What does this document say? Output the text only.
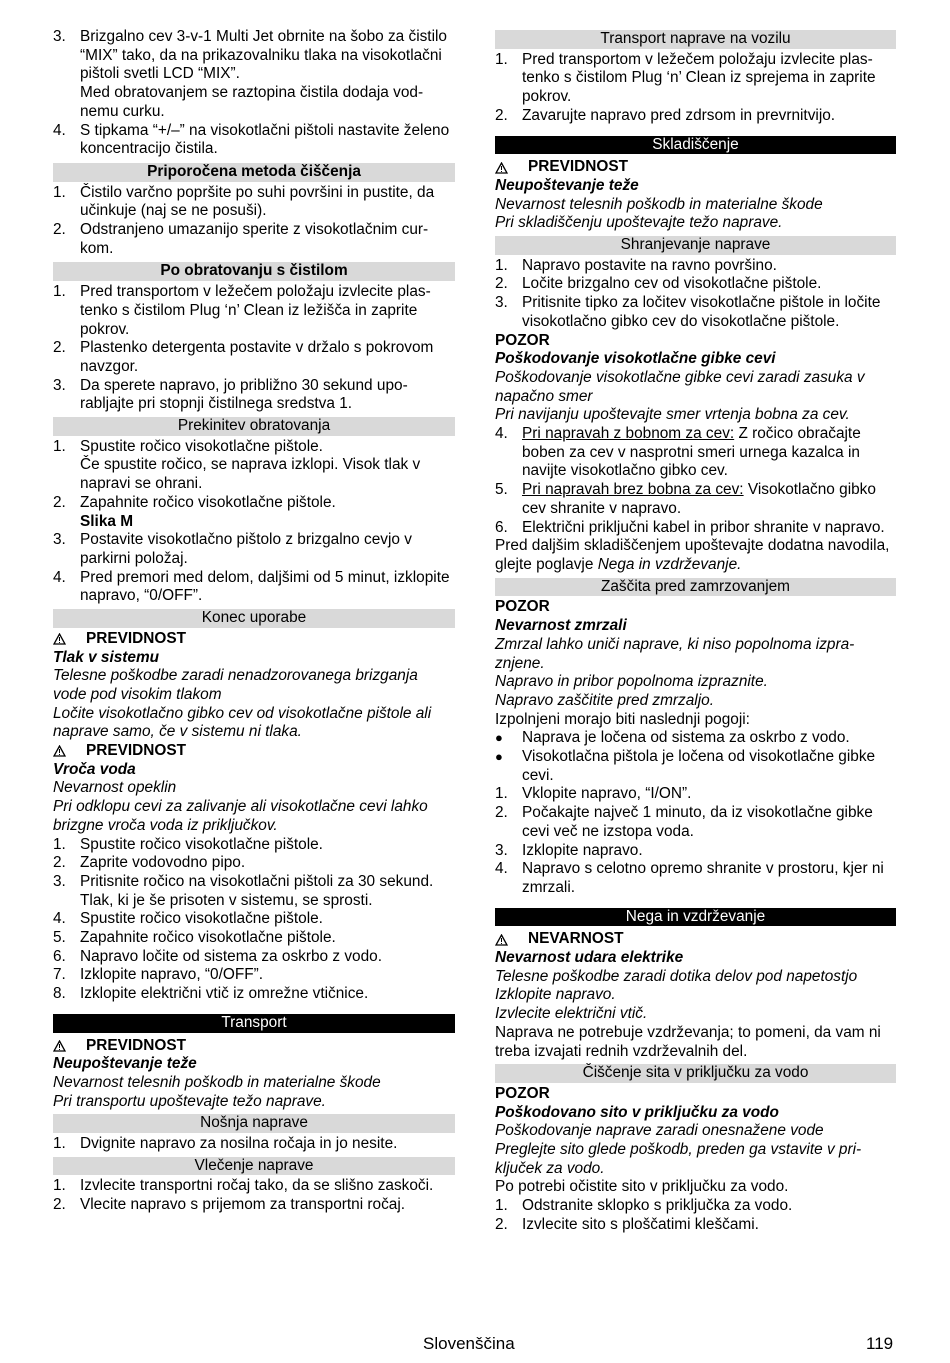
3. Brizgalno cev 3-v-1 Multi Jet obrnite na šobo za čistilo “MIX” tako, da na prikazovalniku tlaka na visokotlačni pištoli svetli LCD “MIX”.

Med obratovanjem se raztopina čistila dodaja vodnemu curku.

4. S tipkama “+/–” na visokotlačni pištoli nastavite želeno koncentracijo čistila.
Priporočena metoda čiščenja
1. Čistilo varčno popršite po suhi površini in pustite, da učinkuje (naj se ne posuši).
2. Odstranjeno umazanijo sperite z visokotlačnim curkom.
Po obratovanju s čistilom
1. Pred transportom v ležečem položaju izvlecite plastenko s čistilom Plug ‘n’ Clean iz ležišča in zaprite pokrov.
2. Plastenko detergenta postavite v držalo s pokrovom navzgor.
3. Da sperete napravo, jo približno 30 sekund uporabljajte pri stopnji čistilnega sredstva 1.
Prekinitev obratovanja
1. Spustite ročico visokotlačne pištole.

Če spustite ročico, se naprava izklopi. Visok tlak v napravi se ohrani.

2. Zapahnite ročico visokotlačne pištole.

Slika M

3. Postavite visokotlačno pištolo z brizgalno cevjo v parkirni položaj.
4. Pred premori med delom, daljšimi od 5 minut, izklopite napravo, “0/OFF”.
Konec uporabe
PREVIDNOST

Tlak v sistemu

Telesne poškodbe zaradi nenadzorovanega brizganja vode pod visokim tlakom

Ločite visokotlačno gibko cev od visokotlačne pištole ali naprave samo, če v sistemu ni tlaka.

PREVIDNOST

Vroča voda

Nevarnost opeklin

Pri odklopu cevi za zalivanje ali visokotlačne cevi lahko brizgne vroča voda iz priključkov.

1. Spustite ročico visokotlačne pištole.
2. Zaprite vodovodno pipo.
3. Pritisnite ročico na visokotlačni pištoli za 30 sekund.

Tlak, ki je še prisoten v sistemu, se sprosti.

4. Spustite ročico visokotlačne pištole.
5. Zapahnite ročico visokotlačne pištole.
6. Napravo ločite od sistema za oskrbo z vodo.
7. Izklopite napravo, “0/OFF”.
8. Izklopite električni vtič iz omrežne vtičnice.
Transport
PREVIDNOST

Neupoštevanje teže

Nevarnost telesnih poškodb in materialne škode

Pri transportu upoštevajte težo naprave.

Nošnja naprave
1. Dvignite napravo za nosilna ročaja in jo nesite.
Vlečenje naprave
1. Izvlecite transportni ročaj tako, da se slišno zaskoči.
2. Vlecite napravo s prijemom za transportni ročaj.
Transport naprave na vozilu
1. Pred transportom v ležečem položaju izvlecite plastenko s čistilom Plug ‘n’ Clean iz sprejema in zaprite pokrov.
2. Zavarujte napravo pred zdrsom in prevrnitvijo.
Skladiščenje
PREVIDNOST

Neupoštevanje teže

Nevarnost telesnih poškodb in materialne škode

Pri skladiščenju upoštevajte težo naprave.

Shranjevanje naprave
1. Napravo postavite na ravno površino.
2. Ločite brizgalno cev od visokotlačne pištole.
3. Pritisnite tipko za ločitev visokotlačne pištole in ločite visokotlačno gibko cev do visokotlačne pištole.

POZOR

Poškodovanje visokotlačne gibke cevi

Poškodovanje visokotlačne gibke cevi zaradi zasuka v napačno smer

Pri navijanju upoštevajte smer vrtenja bobna za cev.

4. Pri napravah z bobnom za cev: Z ročico obračajte boben za cev v nasprotni smeri urnega kazalca in navijte visokotlačno gibko cev.
5. Pri napravah brez bobna za cev: Visokotlačno gibko cev shranite v napravo.
6. Električni priključni kabel in pribor shranite v napravo.

Pred daljšim skladiščenjem upoštevajte dodatna navodila, glejte poglavje Nega in vzdrževanje.

Zaščita pred zamrzovanjem

POZOR

Nevarnost zmrzali

Zmrzal lahko uniči naprave, ki niso popolnoma izpraznjene.

Napravo in pribor popolnoma izpraznite.

Napravo zaščitite pred zmrzaljo.

Izpolnjeni morajo biti naslednji pogoji:

●	Naprava je ločena od sistema za oskrbo z vodo.
●	Visokotlačna pištola je ločena od visokotlačne gibke cevi.
1. Vklopite napravo, “I/ON”.
2. Počakajte največ 1 minuto, da iz visokotlačne gibke cevi več ne izstopa voda.
3. Izklopite napravo.
4. Napravo s celotno opremo shranite v prostoru, kjer ni zmrzali.
Nega in vzdrževanje
NEVARNOST

Nevarnost udara elektrike

Telesne poškodbe zaradi dotika delov pod napetostjo

Izklopite napravo.

Izvlecite električni vtič.

Naprava ne potrebuje vzdrževanja; to pomeni, da vam ni treba izvajati rednih vzdrževalnih del.

Čiščenje sita v priključku za vodo

POZOR

Poškodovano sito v priključku za vodo

Poškodovanje naprave zaradi onesnažene vode

Preglejte sito glede poškodb, preden ga vstavite v priključek za vodo.

Po potrebi očistite sito v priključku za vodo.

1. Odstranite sklopko s priključka za vodo.
2. Izvlecite sito s ploščatimi kleščami.
Slovenščina	119
